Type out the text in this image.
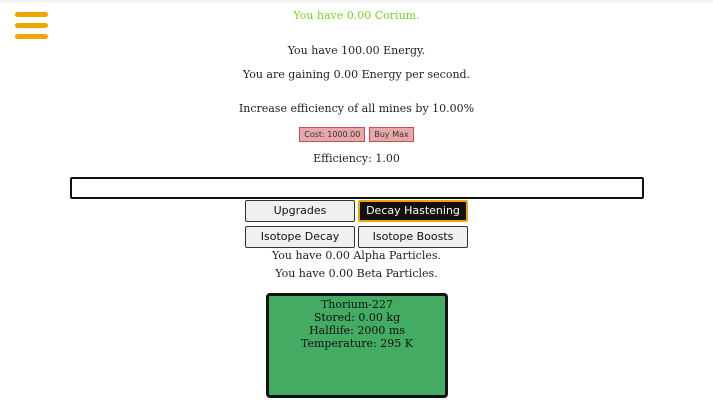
You have 0.00 Corium.
You have 100.00 Energy.
You are gaining 0.00 Energy per second.
Increase efficiency of all mines by 10.00%
Cost: 1000.00 Buy Max
Efficiency: 1.00
Upgrades	Decay Hastening
Isotope Decay	Isotope Boosts
You have 0.00 Alpha Particles.
You have 0.00 Beta Particles.
Thorium-227
Stored: 0.00 kg
Halflife: 2000 ms
Temperature: 295 K
